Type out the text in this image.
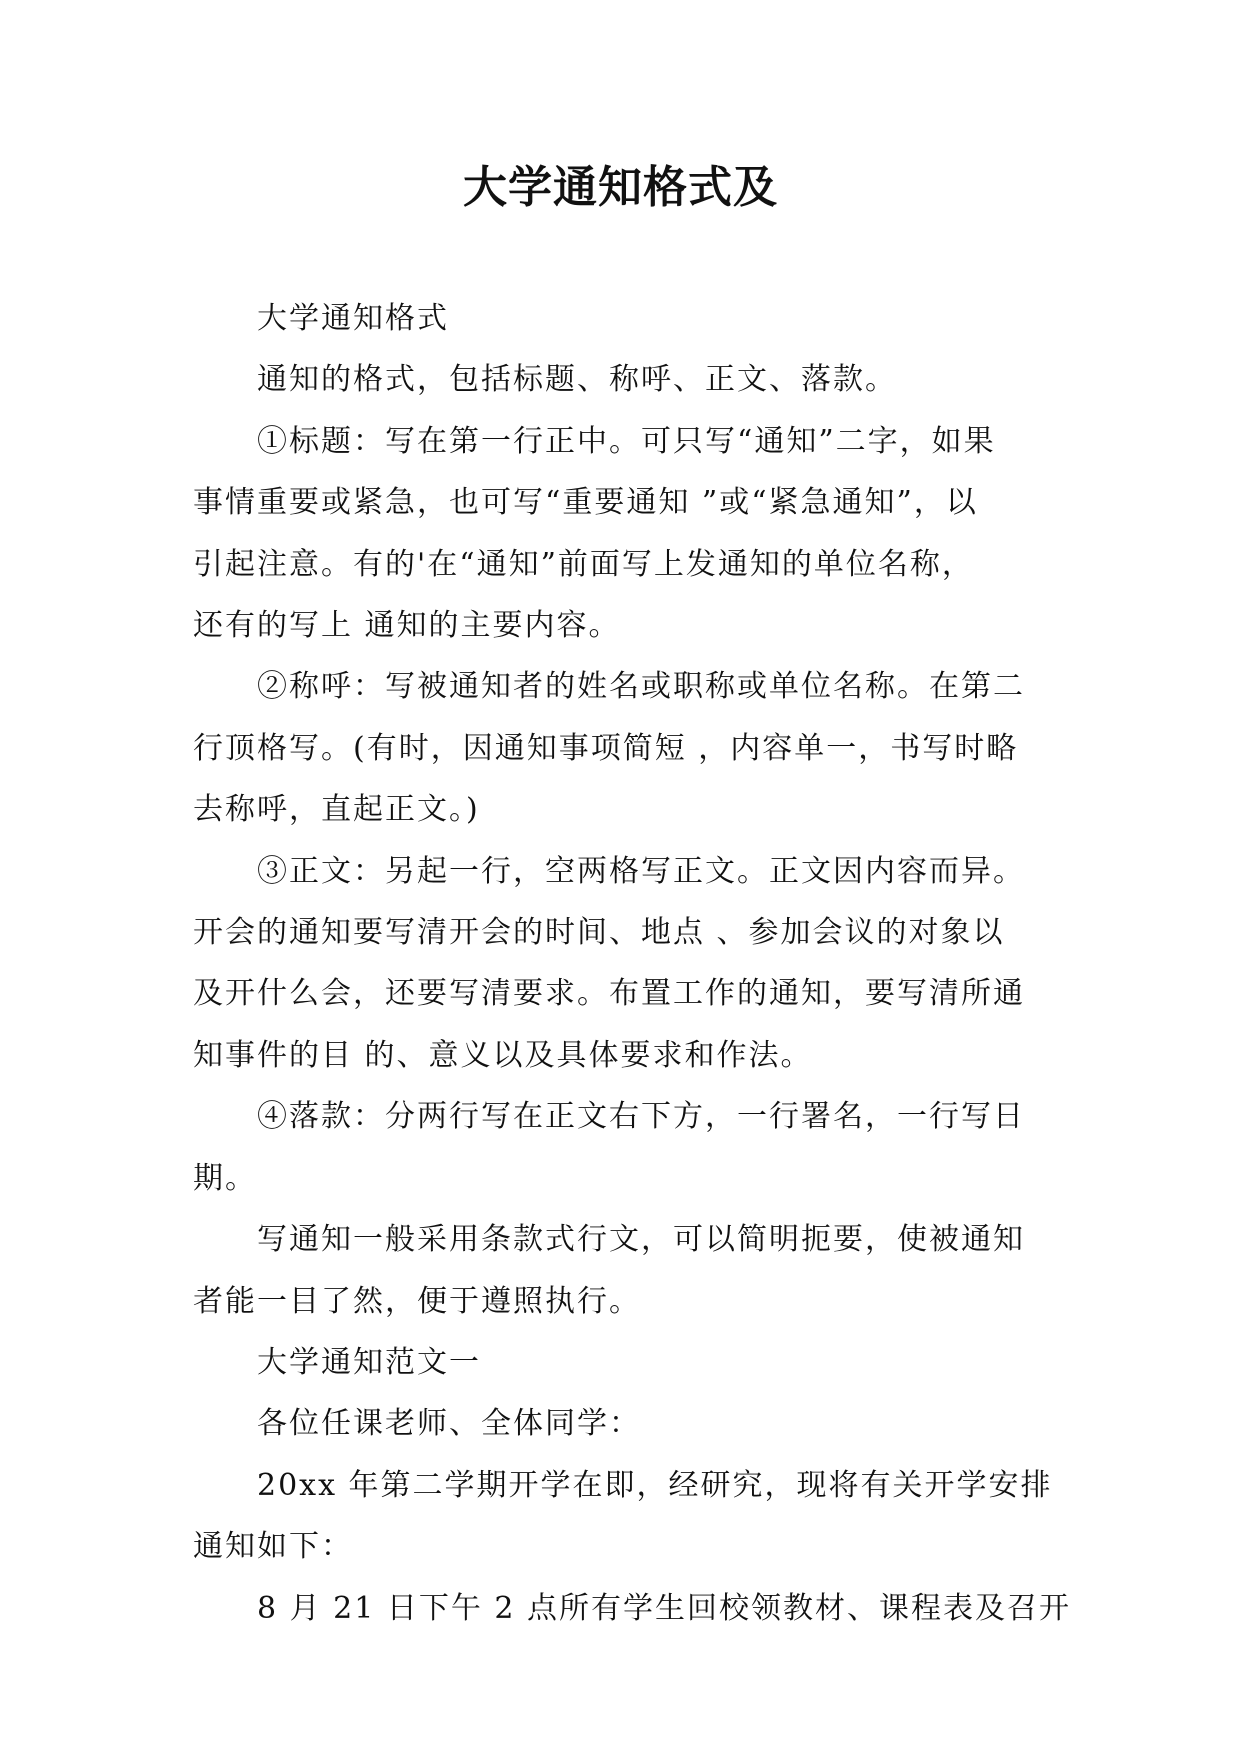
大学通知格式及

大学通知格式

通知的格式，包括标题、称呼、正文、落款。

①标题：写在第一行正中。可只写“通知”二字，如果
事情重要或紧急，也可写“重要通知 ”或“紧急通知”，以
引起注意。有的'在“通知”前面写上发通知的单位名称，
还有的写上 通知的主要内容。

②称呼：写被通知者的姓名或职称或单位名称。在第二
行顶格写。(有时，因通知事项简短 ，内容单一，书写时略
去称呼，直起正文。)

③正文：另起一行，空两格写正文。正文因内容而异。
开会的通知要写清开会的时间、地点 、参加会议的对象以
及开什么会，还要写清要求。布置工作的通知，要写清所通
知事件的目 的、意义以及具体要求和作法。

④落款：分两行写在正文右下方，一行署名，一行写日
期。

写通知一般采用条款式行文，可以简明扼要，使被通知
者能一目了然，便于遵照执行。

大学通知范文一

各位任课老师、全体同学：

20xx 年第二学期开学在即，经研究，现将有关开学安排
通知如下：

8 月 21 日下午 2 点所有学生回校领教材、课程表及召开
